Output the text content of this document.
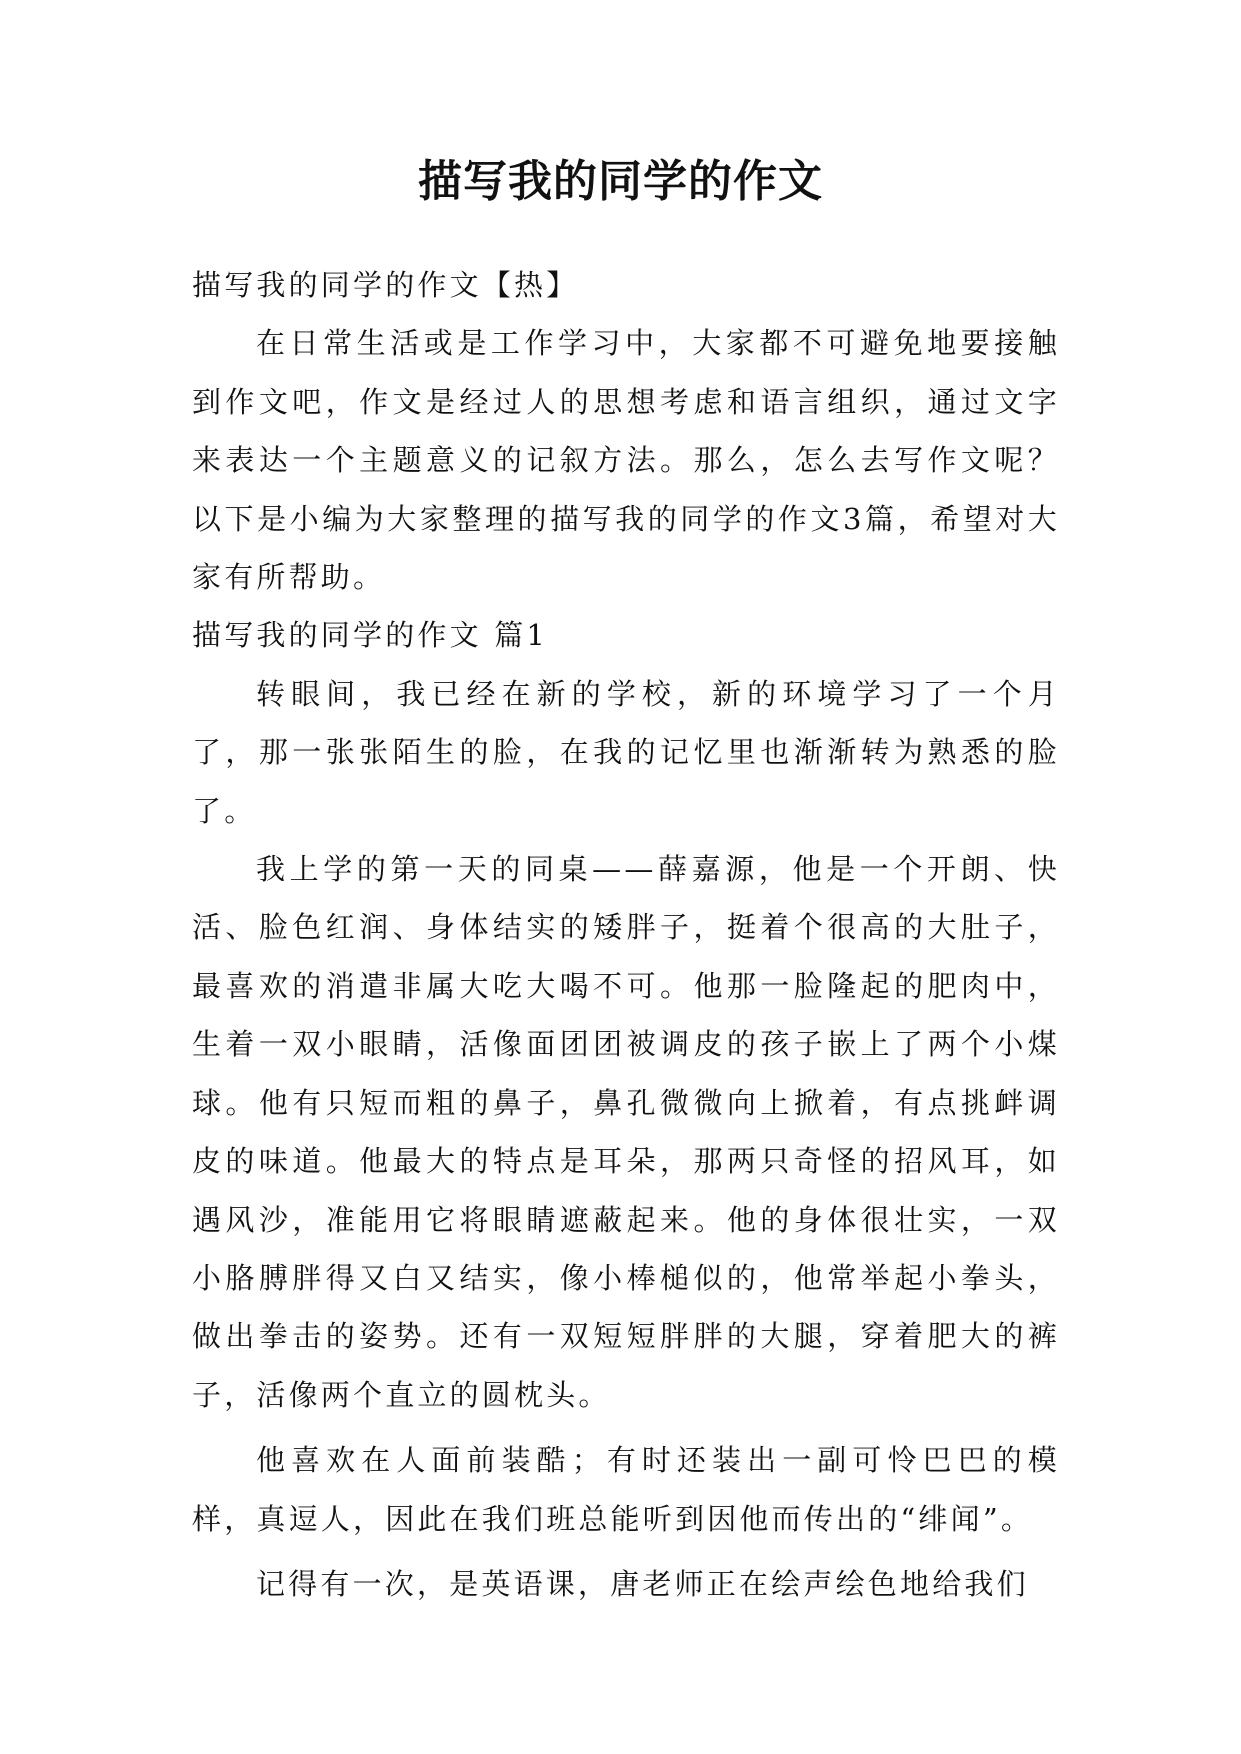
描写我的同学的作文

描写我的同学的作文【热】

在日常生活或是工作学习中，大家都不可避免地要接触到作文吧，作文是经过人的思想考虑和语言组织，通过文字来表达一个主题意义的记叙方法。那么，怎么去写作文呢？以下是小编为大家整理的描写我的同学的作文3篇，希望对大家有所帮助。

描写我的同学的作文 篇1

转眼间，我已经在新的学校，新的环境学习了一个月了，那一张张陌生的脸，在我的记忆里也渐渐转为熟悉的脸了。

我上学的第一天的同桌——薛嘉源，他是一个开朗、快活、脸色红润、身体结实的矮胖子，挺着个很高的大肚子，最喜欢的消遣非属大吃大喝不可。他那一脸隆起的肥肉中，生着一双小眼睛，活像面团团被调皮的孩子嵌上了两个小煤球。他有只短而粗的鼻子，鼻孔微微向上掀着，有点挑衅调皮的味道。他最大的特点是耳朵，那两只奇怪的招风耳，如遇风沙，准能用它将眼睛遮蔽起来。他的身体很壮实，一双小胳膊胖得又白又结实，像小棒槌似的，他常举起小拳头，做出拳击的姿势。还有一双短短胖胖的大腿，穿着肥大的裤子，活像两个直立的圆枕头。

他喜欢在人面前装酷；有时还装出一副可怜巴巴的模样，真逗人，因此在我们班总能听到因他而传出的“绯闻”。

记得有一次，是英语课，唐老师正在绘声绘色地给我们
